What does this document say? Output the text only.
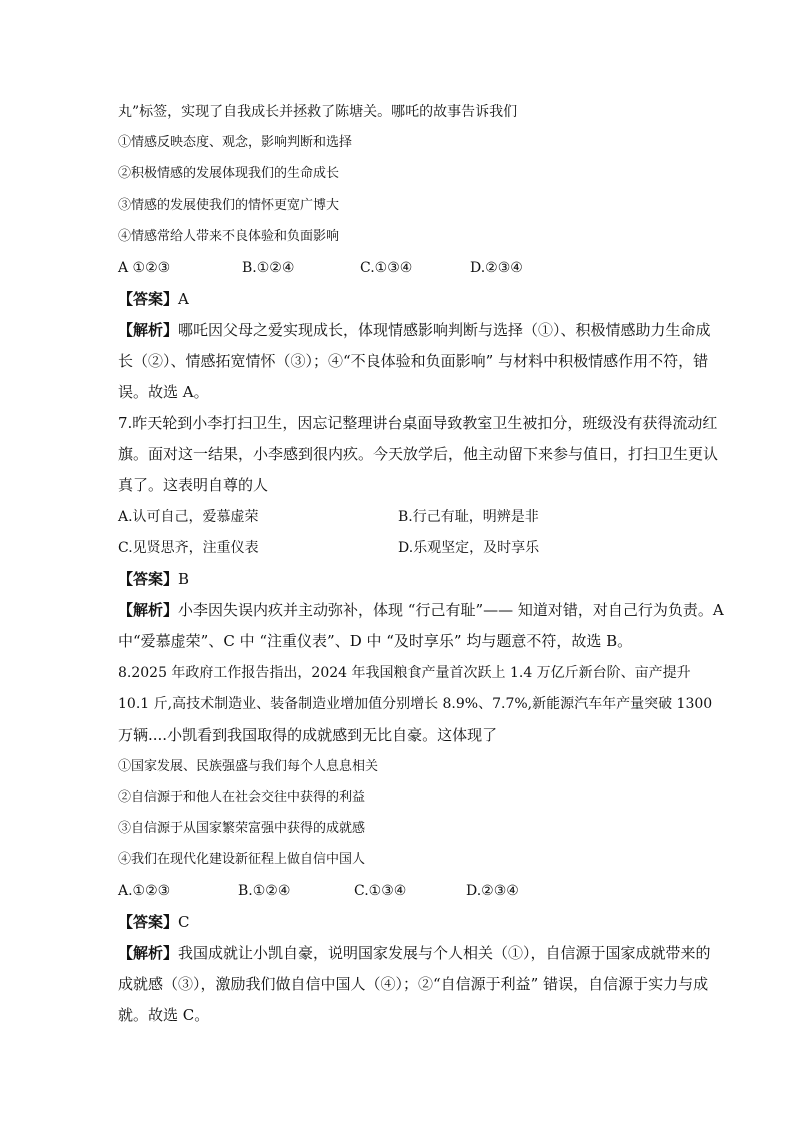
丸”标签，实现了自我成长并拯救了陈塘关。哪吒的故事告诉我们
①情感反映态度、观念，影响判断和选择
②积极情感的发展体现我们的生命成长
③情感的发展使我们的情怀更宽广博大
④情感常给人带来不良体验和负面影响
A ①②③	B.①②④	C.①③④	D.②③④
【答案】A
【解析】哪吒因父母之爱实现成长，体现情感影响判断与选择（①）、积极情感助力生命成
长（②）、情感拓宽情怀（③）；④“不良体验和负面影响” 与材料中积极情感作用不符，错
误。故选 A。
7.昨天轮到小李打扫卫生，因忘记整理讲台桌面导致教室卫生被扣分，班级没有获得流动红
旗。面对这一结果，小李感到很内疚。今天放学后，他主动留下来参与值日，打扫卫生更认
真了。这表明自尊的人
A.认可自己，爱慕虚荣	B.行己有耻，明辨是非
C.见贤思齐，注重仪表	D.乐观坚定，及时享乐
【答案】B
【解析】小李因失误内疚并主动弥补，体现 “行己有耻”—— 知道对错，对自己行为负责。A
中“爱慕虚荣”、C 中 “注重仪表”、D 中 “及时享乐” 均与题意不符，故选 B。
8.2025 年政府工作报告指出，2024 年我国粮食产量首次跃上 1.4 万亿斤新台阶、亩产提升
10.1 斤,高技术制造业、装备制造业增加值分别增长 8.9%、7.7%,新能源汽车年产量突破 1300
万辆....小凯看到我国取得的成就感到无比自豪。这体现了
①国家发展、民族强盛与我们每个人息息相关
②自信源于和他人在社会交往中获得的利益
③自信源于从国家繁荣富强中获得的成就感
④我们在现代化建设新征程上做自信中国人
A.①②③	B.①②④	C.①③④	D.②③④
【答案】C
【解析】我国成就让小凯自豪，说明国家发展与个人相关（①），自信源于国家成就带来的
成就感（③），激励我们做自信中国人（④）；②“自信源于利益” 错误，自信源于实力与成
就。故选 C。
